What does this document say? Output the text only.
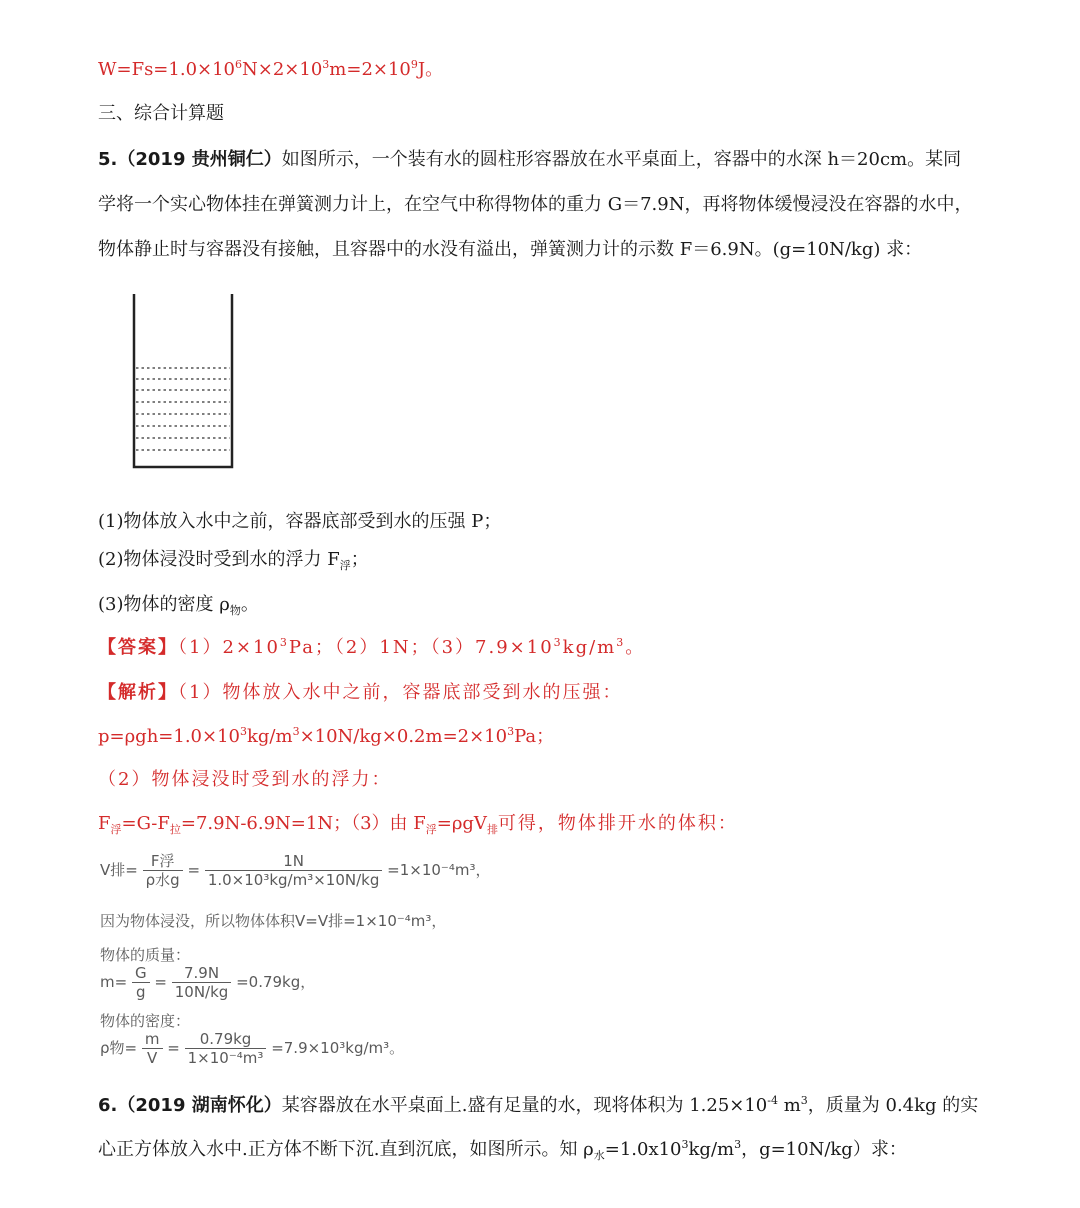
$W=Fs=1.0\times 10^6N\times 2\times 10^3m=2\times 10^9J$。
三、综合计算题
5.（2019 贵州铜仁）如图所示，一个装有水的圆柱形容器放在水平桌面上，容器中的水深 h＝20cm。某同
学将一个实心物体挂在弹簧测力计上，在空气中称得物体的重力 G＝7.9N，再将物体缓慢浸没在容器的水中，
物体静止时与容器没有接触，且容器中的水没有溢出，弹簧测力计的示数 F＝6.9N。(g=10N/kg) 求：
(1)物体放入水中之前，容器底部受到水的压强 P；
(2)物体浸没时受到水的浮力 $F_浮$；
(3)物体的密度 $\rho_物$。
【答案】$(1)2\times 10^3Pa$；（2）1N；$(3)7.9\times 10^3kg/m^3$。
【解析】（1）物体放入水中之前，容器底部受到水的压强：
$p=\rho gh=1.0\times 10^3kg/m^3\times 10N/kg\times 0.2m=2\times 10^3Pa$；
（2）物体浸没时受到水的浮力：
$F_浮=G-F_拉=7.9N-6.9N=1N$；（3）由 $F_浮=\rho gV_排$可得，物体排开水的体积：
V排= $\frac{\text{F浮}}{\text{ρ水g}} = \frac{1N}{\text{1.0×10³kg/m³×10N/kg}} =1\times 10^{-4}m^3$，
因为物体浸没，所以物体体积V=V排=1×10⁻⁴m³，
物体的质量：
$m= \frac{G}{g} = \frac{7.9N}{10N/kg} =0.79kg$，
物体的密度：
ρ物= $\frac{m}{V} = \frac{0.79kg}{\text{1×10⁻⁴m³}} =7.9\times 10^3kg/m^3$。
6.（2019 湖南怀化）某容器放在水平桌面上.盛有足量的水，现将体积为 $1.25\times 10^{-4}$ $m^3$，质量为 0.4kg 的实
心正方体放入水中.正方体不断下沉.直到沉底，如图所示。知 $\rho_水=1.0x10^3kg/m^3$，g=10N/kg）求：
